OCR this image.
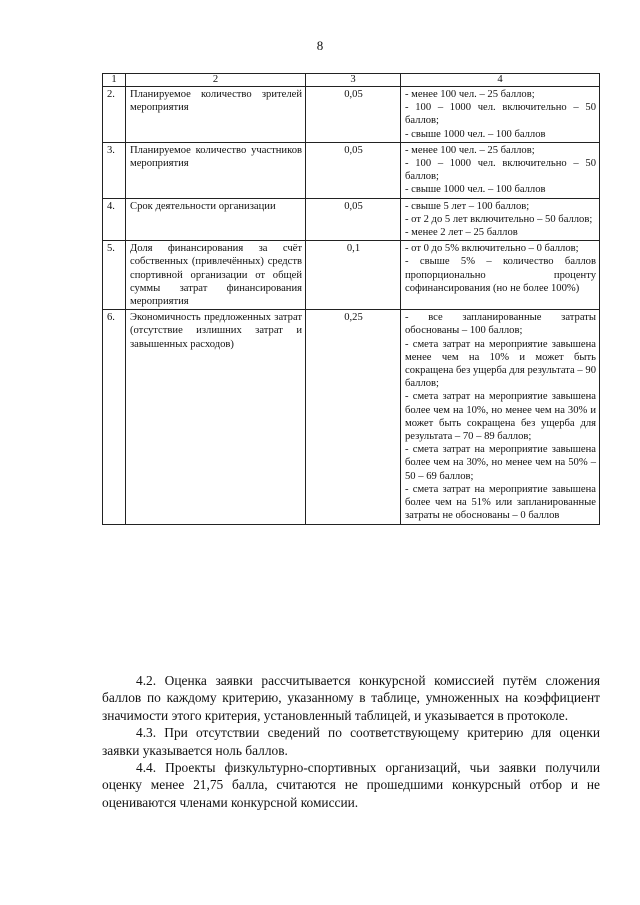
8
1	2	3	4
2.	Планируемое количество зрителей мероприятия	0,05	- менее 100 чел. – 25 баллов;
- 100 – 1000 чел. включительно – 50 баллов;
- свыше 1000 чел. – 100 баллов

3.	Планируемое количество участников мероприятия	0,05	- менее 100 чел. – 25 баллов;
- 100 – 1000 чел. включительно – 50 баллов;
- свыше 1000 чел. – 100 баллов

4.	Срок деятельности организации	0,05	- свыше 5 лет – 100 баллов;
- от 2 до 5 лет включительно – 50 баллов;
- менее 2 лет – 25 баллов

5.	Доля финансирования за счёт собственных (привлечённых) средств спортивной организации от общей суммы затрат финансирования мероприятия	0,1	- от 0 до 5% включительно – 0 баллов;
- свыше 5% – количество баллов пропорционально проценту софинансирования (но не более 100%)

6.	Экономичность предложенных затрат (отсутствие излишних затрат и завышенных расходов)	0,25	- все запланированные затраты обоснованы – 100 баллов;
- смета затрат на мероприятие завышена менее чем на 10% и может быть сокращена без ущерба для результата – 90 баллов;
- смета затрат на мероприятие завышена более чем на 10%, но менее чем на 30% и может быть сокращена без ущерба для результата – 70 – 89 баллов;
- смета затрат на мероприятие завышена более чем на 30%, но менее чем на 50% – 50 – 69 баллов;
- смета затрат на мероприятие завышена более чем на 51% или запланированные затраты не обоснованы – 0 баллов

4.2. Оценка заявки рассчитывается конкурсной комиссией путём сложения баллов по каждому критерию, указанному в таблице, умноженных на коэффициент значимости этого критерия, установленный таблицей, и указывается в протоколе.

4.3. При отсутствии сведений по соответствующему критерию для оценки заявки указывается ноль баллов.

4.4. Проекты физкультурно-спортивных организаций, чьи заявки получили оценку менее 21,75 балла, считаются не прошедшими конкурсный отбор и не оцениваются членами конкурсной комиссии.
